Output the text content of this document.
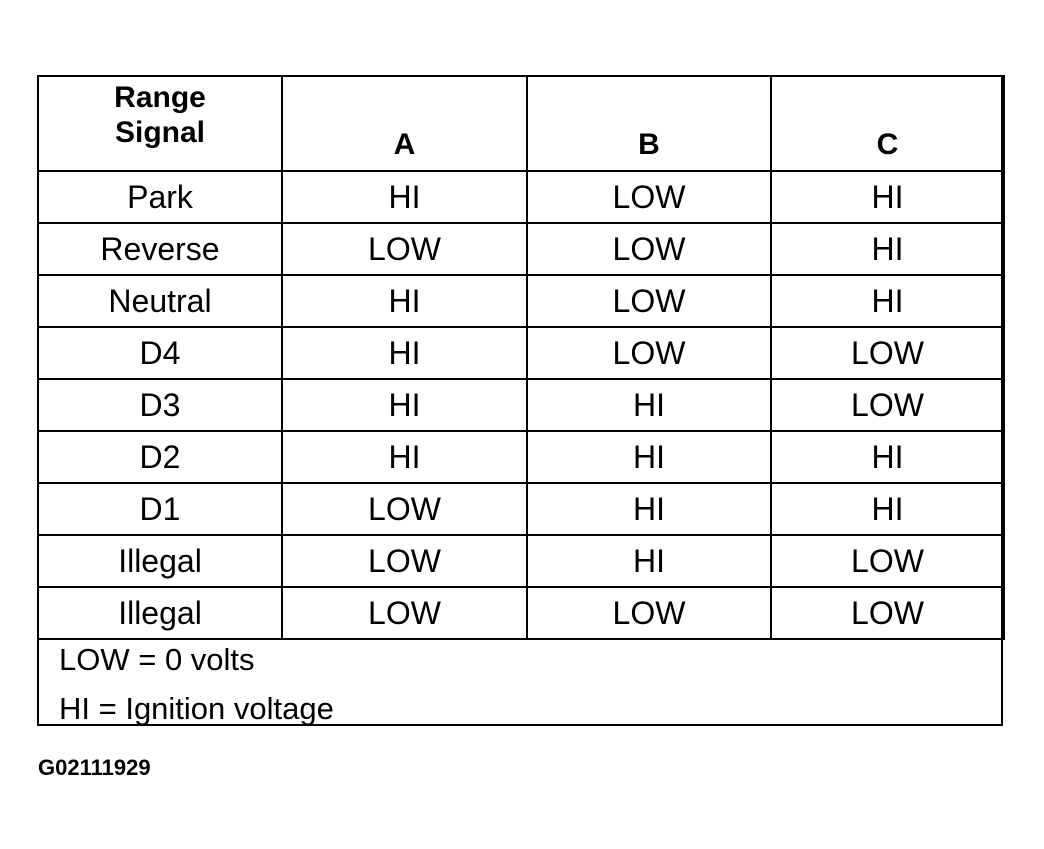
Range
Signal	A	B	C
Park	HI	LOW	HI
Reverse	LOW	LOW	HI
Neutral	HI	LOW	HI
D4	HI	LOW	LOW
D3	HI	HI	LOW
D2	HI	HI	HI
D1	LOW	HI	HI
Illegal	LOW	HI	LOW
Illegal	LOW	LOW	LOW
LOW = 0 volts
HI = Ignition voltage
G02111929
